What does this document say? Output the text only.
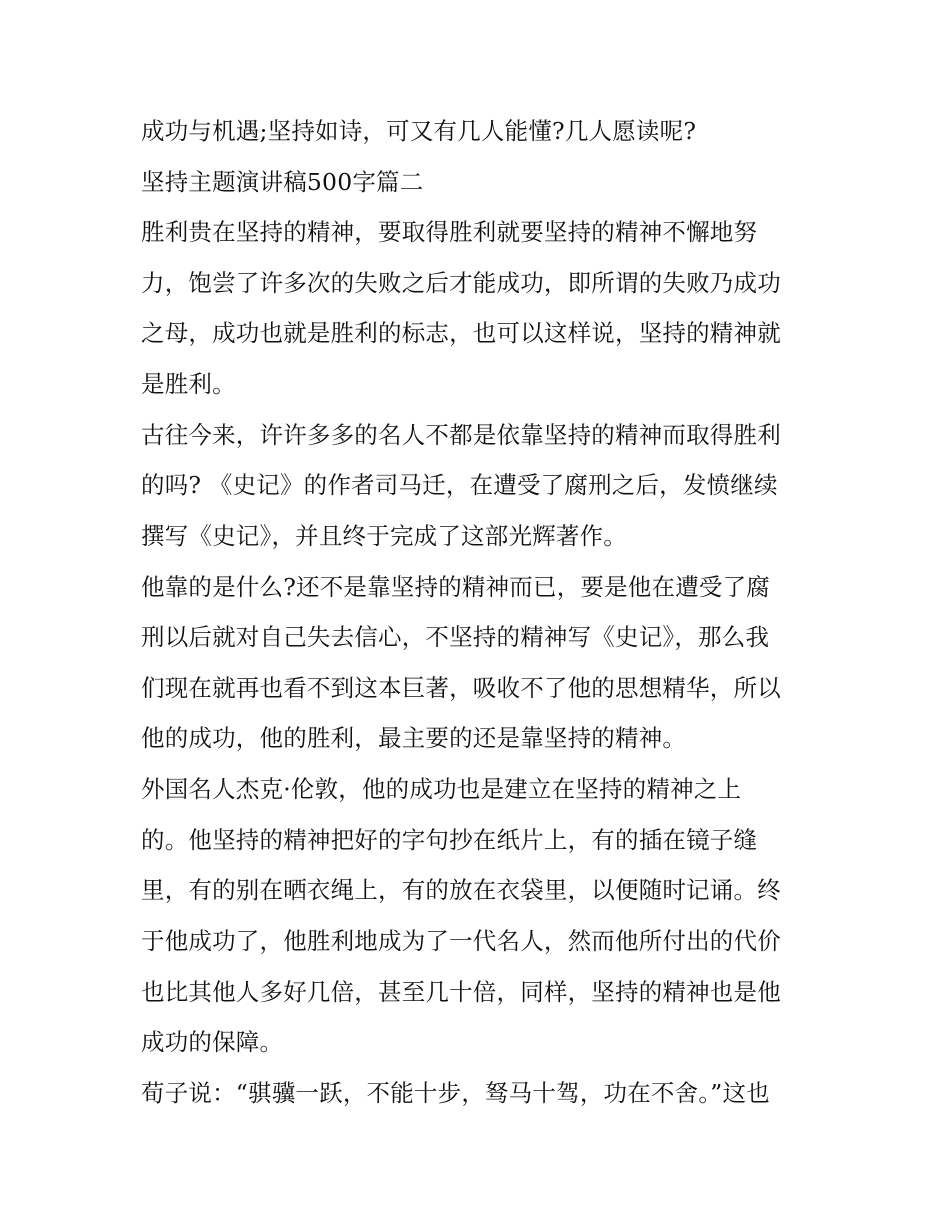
成功与机遇;坚持如诗，可又有几人能懂?几人愿读呢?
坚持主题演讲稿500字篇二
胜利贵在坚持的精神，要取得胜利就要坚持的精神不懈地努
力，饱尝了许多次的失败之后才能成功，即所谓的失败乃成功
之母，成功也就是胜利的标志，也可以这样说，坚持的精神就
是胜利。
古往今来，许许多多的名人不都是依靠坚持的精神而取得胜利
的吗? 《史记》的作者司马迁，在遭受了腐刑之后，发愤继续
撰写《史记》，并且终于完成了这部光辉著作。
他靠的是什么?还不是靠坚持的精神而已，要是他在遭受了腐
刑以后就对自己失去信心，不坚持的精神写《史记》，那么我
们现在就再也看不到这本巨著，吸收不了他的思想精华，所以
他的成功，他的胜利，最主要的还是靠坚持的精神。
外国名人杰克·伦敦，他的成功也是建立在坚持的精神之上
的。他坚持的精神把好的字句抄在纸片上，有的插在镜子缝
里，有的别在晒衣绳上，有的放在衣袋里，以便随时记诵。终
于他成功了，他胜利地成为了一代名人，然而他所付出的代价
也比其他人多好几倍，甚至几十倍，同样，坚持的精神也是他
成功的保障。
荀子说：“骐骥一跃，不能十步，驽马十驾，功在不舍。”这也
